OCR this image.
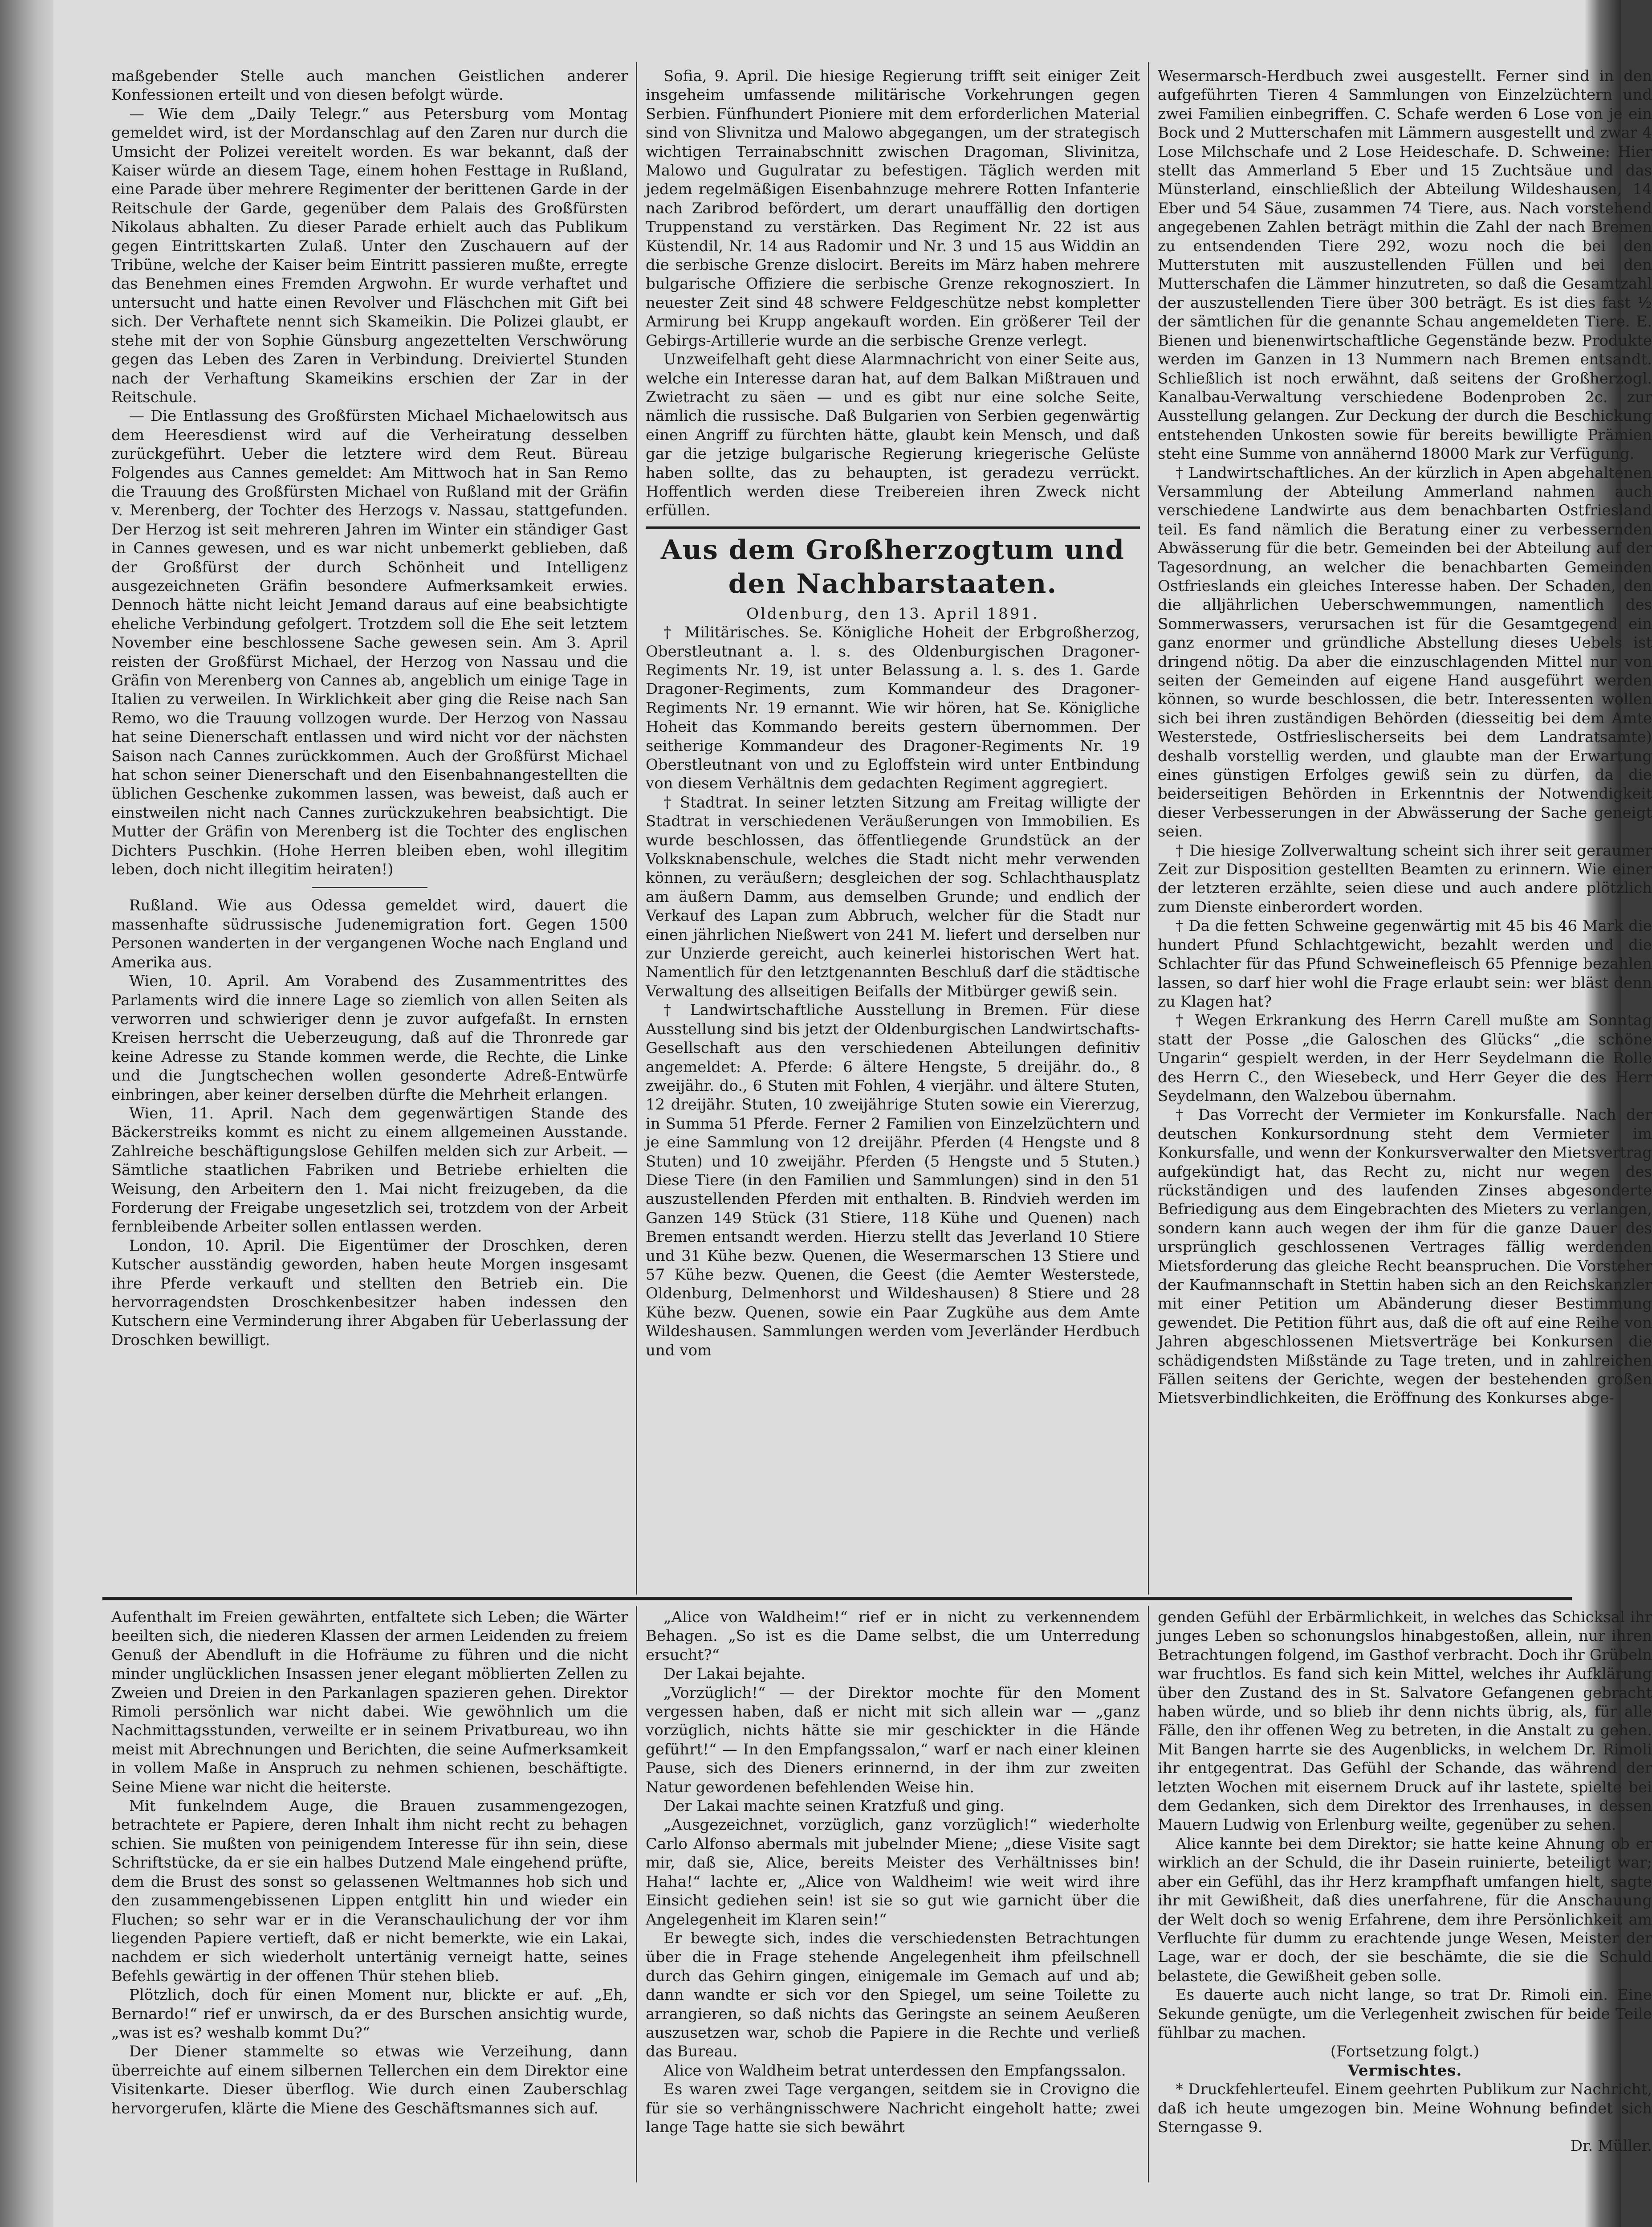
maßgebender Stelle auch manchen Geistlichen anderer Konfessionen erteilt und von diesen befolgt würde.

— Wie dem „Daily Telegr.“ aus Petersburg vom Montag gemeldet wird, ist der Mordanschlag auf den Zaren nur durch die Umsicht der Polizei vereitelt worden. Es war bekannt, daß der Kaiser würde an diesem Tage, einem hohen Festtage in Rußland, eine Parade über mehrere Regimenter der berittenen Garde in der Reitschule der Garde, gegenüber dem Palais des Großfürsten Nikolaus abhalten. Zu dieser Parade erhielt auch das Publikum gegen Eintrittskarten Zulaß. Unter den Zuschauern auf der Tribüne, welche der Kaiser beim Eintritt passieren mußte, erregte das Benehmen eines Fremden Argwohn. Er wurde verhaftet und untersucht und hatte einen Revolver und Fläschchen mit Gift bei sich. Der Verhaftete nennt sich Skameikin. Die Polizei glaubt, er stehe mit der von Sophie Günsburg angezettelten Verschwörung gegen das Leben des Zaren in Verbindung. Dreiviertel Stunden nach der Verhaftung Skameikins erschien der Zar in der Reitschule.

— Die Entlassung des Großfürsten Michael Michaelowitsch aus dem Heeresdienst wird auf die Verheiratung desselben zurückgeführt. Ueber die letztere wird dem Reut. Büreau Folgendes aus Cannes gemeldet: Am Mittwoch hat in San Remo die Trauung des Großfürsten Michael von Rußland mit der Gräfin v. Merenberg, der Tochter des Herzogs v. Nassau, stattgefunden. Der Herzog ist seit mehreren Jahren im Winter ein ständiger Gast in Cannes gewesen, und es war nicht unbemerkt geblieben, daß der Großfürst der durch Schönheit und Intelligenz ausgezeichneten Gräfin besondere Aufmerksamkeit erwies. Dennoch hätte nicht leicht Jemand daraus auf eine beabsichtigte eheliche Verbindung gefolgert. Trotzdem soll die Ehe seit letztem November eine beschlossene Sache gewesen sein. Am 3. April reisten der Großfürst Michael, der Herzog von Nassau und die Gräfin von Merenberg von Cannes ab, angeblich um einige Tage in Italien zu verweilen. In Wirklichkeit aber ging die Reise nach San Remo, wo die Trauung vollzogen wurde. Der Herzog von Nassau hat seine Dienerschaft entlassen und wird nicht vor der nächsten Saison nach Cannes zurückkommen. Auch der Großfürst Michael hat schon seiner Dienerschaft und den Eisenbahnangestellten die üblichen Geschenke zukommen lassen, was beweist, daß auch er einstweilen nicht nach Cannes zurückzukehren beabsichtigt. Die Mutter der Gräfin von Merenberg ist die Tochter des englischen Dichters Puschkin. (Hohe Herren bleiben eben, wohl illegitim leben, doch nicht illegitim heiraten!)

Rußland. Wie aus Odessa gemeldet wird, dauert die massenhafte südrussische Judenemigration fort. Gegen 1500 Personen wanderten in der vergangenen Woche nach England und Amerika aus.

Wien, 10. April. Am Vorabend des Zusammentrittes des Parlaments wird die innere Lage so ziemlich von allen Seiten als verworren und schwieriger denn je zuvor aufgefaßt. In ernsten Kreisen herrscht die Ueberzeugung, daß auf die Thronrede gar keine Adresse zu Stande kommen werde, die Rechte, die Linke und die Jungtschechen wollen gesonderte Adreß-Entwürfe einbringen, aber keiner derselben dürfte die Mehrheit erlangen.

Wien, 11. April. Nach dem gegenwärtigen Stande des Bäckerstreiks kommt es nicht zu einem allgemeinen Ausstande. Zahlreiche beschäftigungslose Gehilfen melden sich zur Arbeit. — Sämtliche staatlichen Fabriken und Betriebe erhielten die Weisung, den Arbeitern den 1. Mai nicht freizugeben, da die Forderung der Freigabe ungesetzlich sei, trotzdem von der Arbeit fernbleibende Arbeiter sollen entlassen werden.

London, 10. April. Die Eigentümer der Droschken, deren Kutscher ausständig geworden, haben heute Morgen insgesamt ihre Pferde verkauft und stellten den Betrieb ein. Die hervorragendsten Droschkenbesitzer haben indessen den Kutschern eine Verminderung ihrer Abgaben für Ueberlassung der Droschken bewilligt.

Sofia, 9. April. Die hiesige Regierung trifft seit einiger Zeit insgeheim umfassende militärische Vorkehrungen gegen Serbien. Fünfhundert Pioniere mit dem erforderlichen Material sind von Slivnitza und Malowo abgegangen, um der strategisch wichtigen Terrainabschnitt zwischen Dragoman, Slivinitza, Malowo und Gugulratar zu befestigen. Täglich werden mit jedem regelmäßigen Eisenbahnzuge mehrere Rotten Infanterie nach Zaribrod befördert, um derart unauffällig den dortigen Truppenstand zu verstärken. Das Regiment Nr. 22 ist aus Küstendil, Nr. 14 aus Radomir und Nr. 3 und 15 aus Widdin an die serbische Grenze dislocirt. Bereits im März haben mehrere bulgarische Offiziere die serbische Grenze rekognosziert. In neuester Zeit sind 48 schwere Feldgeschütze nebst kompletter Armirung bei Krupp angekauft worden. Ein größerer Teil der Gebirgs-Artillerie wurde an die serbische Grenze verlegt.

Unzweifelhaft geht diese Alarmnachricht von einer Seite aus, welche ein Interesse daran hat, auf dem Balkan Mißtrauen und Zwietracht zu säen — und es gibt nur eine solche Seite, nämlich die russische. Daß Bulgarien von Serbien gegenwärtig einen Angriff zu fürchten hätte, glaubt kein Mensch, und daß gar die jetzige bulgarische Regierung kriegerische Gelüste haben sollte, das zu behaupten, ist geradezu verrückt. Hoffentlich werden diese Treibereien ihren Zweck nicht erfüllen.

Aus dem Großherzogtum und den Nachbarstaaten.

Oldenburg, den 13. April 1891.

† Militärisches. Se. Königliche Hoheit der Erbgroßherzog, Oberstleutnant a. l. s. des Oldenburgischen Dragoner-Regiments Nr. 19, ist unter Belassung a. l. s. des 1. Garde Dragoner-Regiments, zum Kommandeur des Dragoner-Regiments Nr. 19 ernannt. Wie wir hören, hat Se. Königliche Hoheit das Kommando bereits gestern übernommen. Der seitherige Kommandeur des Dragoner-Regiments Nr. 19 Oberstleutnant von und zu Egloffstein wird unter Entbindung von diesem Verhältnis dem gedachten Regiment aggregiert.

† Stadtrat. In seiner letzten Sitzung am Freitag willigte der Stadtrat in verschiedenen Veräußerungen von Immobilien. Es wurde beschlossen, das öffentliegende Grundstück an der Volksknabenschule, welches die Stadt nicht mehr verwenden können, zu veräußern; desgleichen der sog. Schlachthausplatz am äußern Damm, aus demselben Grunde; und endlich der Verkauf des Lapan zum Abbruch, welcher für die Stadt nur einen jährlichen Nießwert von 241 M. liefert und derselben nur zur Unzierde gereicht, auch keinerlei historischen Wert hat. Namentlich für den letztgenannten Beschluß darf die städtische Verwaltung des allseitigen Beifalls der Mitbürger gewiß sein.

† Landwirtschaftliche Ausstellung in Bremen. Für diese Ausstellung sind bis jetzt der Oldenburgischen Landwirtschafts-Gesellschaft aus den verschiedenen Abteilungen definitiv angemeldet: A. Pferde: 6 ältere Hengste, 5 dreijähr. do., 8 zweijähr. do., 6 Stuten mit Fohlen, 4 vierjähr. und ältere Stuten, 12 dreijähr. Stuten, 10 zweijährige Stuten sowie ein Viererzug, in Summa 51 Pferde. Ferner 2 Familien von Einzelzüchtern und je eine Sammlung von 12 dreijähr. Pferden (4 Hengste und 8 Stuten) und 10 zweijähr. Pferden (5 Hengste und 5 Stuten.) Diese Tiere (in den Familien und Sammlungen) sind in den 51 auszustellenden Pferden mit enthalten. B. Rindvieh werden im Ganzen 149 Stück (31 Stiere, 118 Kühe und Quenen) nach Bremen entsandt werden. Hierzu stellt das Jeverland 10 Stiere und 31 Kühe bezw. Quenen, die Wesermarschen 13 Stiere und 57 Kühe bezw. Quenen, die Geest (die Aemter Westerstede, Oldenburg, Delmenhorst und Wildeshausen) 8 Stiere und 28 Kühe bezw. Quenen, sowie ein Paar Zugkühe aus dem Amte Wildeshausen. Sammlungen werden vom Jeverländer Herdbuch und vom

Wesermarsch-Herdbuch zwei ausgestellt. Ferner sind in den aufgeführten Tieren 4 Sammlungen von Einzelzüchtern und zwei Familien einbegriffen. C. Schafe werden 6 Lose von je ein Bock und 2 Mutterschafen mit Lämmern ausgestellt und zwar 4 Lose Milchschafe und 2 Lose Heideschafe. D. Schweine: Hier stellt das Ammerland 5 Eber und 15 Zuchtsäue und das Münsterland, einschließlich der Abteilung Wildeshausen, 14 Eber und 54 Säue, zusammen 74 Tiere, aus. Nach vorstehend angegebenen Zahlen beträgt mithin die Zahl der nach Bremen zu entsendenden Tiere 292, wozu noch die bei den Mutterstuten mit auszustellenden Füllen und bei den Mutterschafen die Lämmer hinzutreten, so daß die Gesamtzahl der auszustellenden Tiere über 300 beträgt. Es ist dies fast ½ der sämtlichen für die genannte Schau angemeldeten Tiere. E. Bienen und bienenwirtschaftliche Gegenstände bezw. Produkte werden im Ganzen in 13 Nummern nach Bremen entsandt. Schließlich ist noch erwähnt, daß seitens der Großherzogl. Kanalbau-Verwaltung verschiedene Bodenproben 2c. zur Ausstellung gelangen. Zur Deckung der durch die Beschickung entstehenden Unkosten sowie für bereits bewilligte Prämien steht eine Summe von annähernd 18000 Mark zur Verfügung.

† Landwirtschaftliches. An der kürzlich in Apen abgehaltenen Versammlung der Abteilung Ammerland nahmen auch verschiedene Landwirte aus dem benachbarten Ostfriesland teil. Es fand nämlich die Beratung einer zu verbessernden Abwässerung für die betr. Gemeinden bei der Abteilung auf der Tagesordnung, an welcher die benachbarten Gemeinden Ostfrieslands ein gleiches Interesse haben. Der Schaden, den die alljährlichen Ueberschwemmungen, namentlich des Sommerwassers, verursachen ist für die Gesamtgegend ein ganz enormer und gründliche Abstellung dieses Uebels ist dringend nötig. Da aber die einzuschlagenden Mittel nur von seiten der Gemeinden auf eigene Hand ausgeführt werden können, so wurde beschlossen, die betr. Interessenten wollen sich bei ihren zuständigen Behörden (diesseitig bei dem Amte Westerstede, Ostfrieslischerseits bei dem Landratsamte) deshalb vorstellig werden, und glaubte man der Erwartung eines günstigen Erfolges gewiß sein zu dürfen, da die beiderseitigen Behörden in Erkenntnis der Notwendigkeit dieser Verbesserungen in der Abwässerung der Sache geneigt seien.

† Die hiesige Zollverwaltung scheint sich ihrer seit geraumer Zeit zur Disposition gestellten Beamten zu erinnern. Wie einer der letzteren erzählte, seien diese und auch andere plötzlich zum Dienste einberordert worden.

† Da die fetten Schweine gegenwärtig mit 45 bis 46 Mark die hundert Pfund Schlachtgewicht, bezahlt werden und die Schlachter für das Pfund Schweinefleisch 65 Pfennige bezahlen lassen, so darf hier wohl die Frage erlaubt sein: wer bläst denn zu Klagen hat?

† Wegen Erkrankung des Herrn Carell mußte am Sonntag statt der Posse „die Galoschen des Glücks“ „die schöne Ungarin“ gespielt werden, in der Herr Seydelmann die Rolle des Herrn C., den Wiesebeck, und Herr Geyer die des Herr Seydelmann, den Walzebou übernahm.

† Das Vorrecht der Vermieter im Konkursfalle. Nach der deutschen Konkursordnung steht dem Vermieter im Konkursfalle, und wenn der Konkursverwalter den Mietsvertrag aufgekündigt hat, das Recht zu, nicht nur wegen des rückständigen und des laufenden Zinses abgesonderte Befriedigung aus dem Eingebrachten des Mieters zu verlangen, sondern kann auch wegen der ihm für die ganze Dauer des ursprünglich geschlossenen Vertrages fällig werdenden Mietsforderung das gleiche Recht beanspruchen. Die Vorsteher der Kaufmannschaft in Stettin haben sich an den Reichskanzler mit einer Petition um Abänderung dieser Bestimmung gewendet. Die Petition führt aus, daß die oft auf eine Reihe von Jahren abgeschlossenen Mietsverträge bei Konkursen die schädigendsten Mißstände zu Tage treten, und in zahlreichen Fällen seitens der Gerichte, wegen der bestehenden großen Mietsverbindlichkeiten, die Eröffnung des Konkurses abge-

Aufenthalt im Freien gewährten, entfaltete sich Leben; die Wärter beeilten sich, die niederen Klassen der armen Leidenden zu freiem Genuß der Abendluft in die Hofräume zu führen und die nicht minder unglücklichen Insassen jener elegant möblierten Zellen zu Zweien und Dreien in den Parkanlagen spazieren gehen. Direktor Rimoli persönlich war nicht dabei. Wie gewöhnlich um die Nachmittagsstunden, verweilte er in seinem Privatbureau, wo ihn meist mit Abrechnungen und Berichten, die seine Aufmerksamkeit in vollem Maße in Anspruch zu nehmen schienen, beschäftigte. Seine Miene war nicht die heiterste.

Mit funkelndem Auge, die Brauen zusammengezogen, betrachtete er Papiere, deren Inhalt ihm nicht recht zu behagen schien. Sie mußten von peinigendem Interesse für ihn sein, diese Schriftstücke, da er sie ein halbes Dutzend Male eingehend prüfte, dem die Brust des sonst so gelassenen Weltmannes hob sich und den zusammengebissenen Lippen entglitt hin und wieder ein Fluchen; so sehr war er in die Veranschaulichung der vor ihm liegenden Papiere vertieft, daß er nicht bemerkte, wie ein Lakai, nachdem er sich wiederholt untertänig verneigt hatte, seines Befehls gewärtig in der offenen Thür stehen blieb.

Plötzlich, doch für einen Moment nur, blickte er auf. „Eh, Bernardo!“ rief er unwirsch, da er des Burschen ansichtig wurde, „was ist es? weshalb kommt Du?“

Der Diener stammelte so etwas wie Verzeihung, dann überreichte auf einem silbernen Tellerchen ein dem Direktor eine Visitenkarte. Dieser überflog. Wie durch einen Zauberschlag hervorgerufen, klärte die Miene des Geschäftsmannes sich auf.

„Alice von Waldheim!“ rief er in nicht zu verkennendem Behagen. „So ist es die Dame selbst, die um Unterredung ersucht?“

Der Lakai bejahte.

„Vorzüglich!“ — der Direktor mochte für den Moment vergessen haben, daß er nicht mit sich allein war — „ganz vorzüglich, nichts hätte sie mir geschickter in die Hände geführt!“ — In den Empfangssalon,“ warf er nach einer kleinen Pause, sich des Dieners erinnernd, in der ihm zur zweiten Natur gewordenen befehlenden Weise hin.

Der Lakai machte seinen Kratzfuß und ging.

„Ausgezeichnet, vorzüglich, ganz vorzüglich!“ wiederholte Carlo Alfonso abermals mit jubelnder Miene; „diese Visite sagt mir, daß sie, Alice, bereits Meister des Verhältnisses bin! Haha!“ lachte er, „Alice von Waldheim! wie weit wird ihre Einsicht gediehen sein! ist sie so gut wie garnicht über die Angelegenheit im Klaren sein!“

Er bewegte sich, indes die verschiedensten Betrachtungen über die in Frage stehende Angelegenheit ihm pfeilschnell durch das Gehirn gingen, einigemale im Gemach auf und ab; dann wandte er sich vor den Spiegel, um seine Toilette zu arrangieren, so daß nichts das Geringste an seinem Aeußeren auszusetzen war, schob die Papiere in die Rechte und verließ das Bureau.

Alice von Waldheim betrat unterdessen den Empfangssalon.

Es waren zwei Tage vergangen, seitdem sie in Crovigno die für sie so verhängnisschwere Nachricht eingeholt hatte; zwei lange Tage hatte sie sich bewährt

genden Gefühl der Erbärmlichkeit, in welches das Schicksal ihr junges Leben so schonungslos hinabgestoßen, allein, nur ihren Betrachtungen folgend, im Gasthof verbracht. Doch ihr Grübeln war fruchtlos. Es fand sich kein Mittel, welches ihr Aufklärung über den Zustand des in St. Salvatore Gefangenen gebracht haben würde, und so blieb ihr denn nichts übrig, als, für alle Fälle, den ihr offenen Weg zu betreten, in die Anstalt zu gehen. Mit Bangen harrte sie des Augenblicks, in welchem Dr. Rimoli ihr entgegentrat. Das Gefühl der Schande, das während der letzten Wochen mit eisernem Druck auf ihr lastete, spielte bei dem Gedanken, sich dem Direktor des Irrenhauses, in dessen Mauern Ludwig von Erlenburg weilte, gegenüber zu sehen.

Alice kannte bei dem Direktor; sie hatte keine Ahnung ob er wirklich an der Schuld, die ihr Dasein ruinierte, beteiligt war; aber ein Gefühl, das ihr Herz krampfhaft umfangen hielt, sagte ihr mit Gewißheit, daß dies unerfahrene, für die Anschauung der Welt doch so wenig Erfahrene, dem ihre Persönlichkeit am Verfluchte für dumm zu erachtende junge Wesen, Meister der Lage, war er doch, der sie beschämte, die sie die Schuld belastete, die Gewißheit geben solle.

Es dauerte auch nicht lange, so trat Dr. Rimoli ein. Eine Sekunde genügte, um die Verlegenheit zwischen für beide Teile fühlbar zu machen.

(Fortsetzung folgt.)

Vermischtes.

* Druckfehlerteufel. Einem geehrten Publikum zur Nachricht, daß ich heute umgezogen bin. Meine Wohnung befindet sich Sterngasse 9.

Dr. Müller.
